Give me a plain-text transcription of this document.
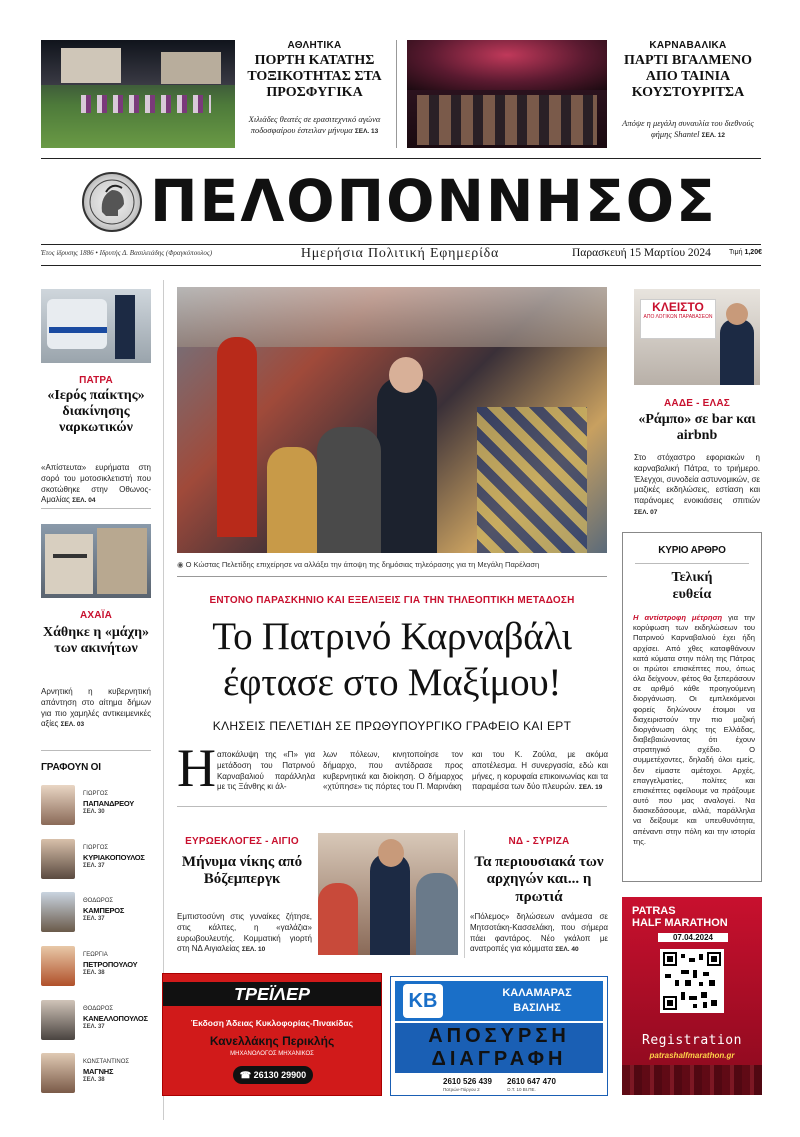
ΑΘΛΗΤΙΚΑ
ΠΟΡΤΗ ΚΑΤΑΤΗΣ ΤΟΞΙΚΟΤΗΤΑΣ ΣΤΑ ΠΡΟΣΦΥΓΙΚΑ
Χιλιάδες θεατές σε ερασιτεχνικό αγώνα ποδοσφαίρου έστειλαν μήνυμα ΣΕΛ. 13
ΚΑΡΝΑΒΑΛΙΚΑ
ΠΑΡΤΙ ΒΓΑΛΜΕΝΟ ΑΠΟ ΤΑΙΝΙΑ ΚΟΥΣΤΟΥΡΙΤΣΑ
Απόψε η μεγάλη συναυλία του διεθνούς φήμης Shantel ΣΕΛ. 12
ΠΕΛΟΠΟΝΝΗΣΟΣ
Έτος ίδρυσης 1886 • Ιδρυτής Δ. Βασιλειάδης (Φραγκόπουλος)	Ημερήσια Πολιτική Εφημερίδα	Παρασκευή 15 Μαρτίου 2024	Τιμή 1,20€
ΠΑΤΡΑ
«Ιερός παίκτης» διακίνησης ναρκωτικών
«Απίστευτα» ευρήματα στη σορό του μοτοσικλετιστή που σκοτώθηκε στην Οθωνος-Αμαλίας ΣΕΛ. 04
ΑΧΑΪΑ
Χάθηκε η «μάχη» των ακινήτων
Αρνητική η κυβερνητική απάντηση στο αίτημα δήμων για πιο χαμηλές αντικειμενικές αξίες ΣΕΛ. 03
ΓΡΑΦΟΥΝ ΟΙ
ΓΙΩΡΓΟΣ
ΠΑΠΑΝΔΡΕΟΥ
ΣΕΛ. 30
ΓΙΩΡΓΟΣ
ΚΥΡΙΑΚΟΠΟΥΛΟΣ
ΣΕΛ. 37
ΘΟΔΩΡΟΣ
ΚΑΜΠΕΡΟΣ
ΣΕΛ. 37
ΓΕΩΡΓΙΑ
ΠΕΤΡΟΠΟΥΛΟΥ
ΣΕΛ. 38
ΘΟΔΩΡΟΣ
ΚΑΝΕΛΛΟΠΟΥΛΟΣ
ΣΕΛ. 37
ΚΩΝΣΤΑΝΤΙΝΟΣ
ΜΑΓΝΗΣ
ΣΕΛ. 38
◉ Ο Κώστας Πελετίδης επιχείρησε να αλλάξει την άποψη της δημόσιας τηλεόρασης για τη Μεγάλη Παρέλαση
ΕΝΤΟΝΟ ΠΑΡΑΣΚΗΝΙΟ ΚΑΙ ΕΞΕΛΙΞΕΙΣ ΓΙΑ ΤΗΝ ΤΗΛΕΟΠΤΙΚΗ ΜΕΤΑΔΟΣΗ
Το Πατρινό Καρναβάλι
έφτασε στο Μαξίμου!
ΚΛΗΣΕΙΣ ΠΕΛΕΤΙΔΗ ΣΕ ΠΡΩΘΥΠΟΥΡΓΙΚΟ ΓΡΑΦΕΙΟ ΚΑΙ ΕΡΤ
Η αποκάλυψη της «Π» για μετάδοση του Πατρινού Καρναβαλιού παράλληλα με τις Ξάνθης κι άλ-
λων πόλεων, κινητοποίησε τον δήμαρχο, που αντέδρασε προς κυβερνητικά και διοίκηση. Ο δήμαρχος «χτύπησε» τις πόρτες του Π. Μαρινάκη
και του Κ. Ζούλα, με ακόμα αποτέλεσμα. Η συνεργασία, εδώ και μήνες, η κορυφαία επικοινωνίας και τα παραμέσα των δύο πλευρών. ΣΕΛ. 19
ΕΥΡΩΕΚΛΟΓΕΣ - ΑΙΓΙΟ
Μήνυμα νίκης από Βόζεμπεργκ
Εμπιστοσύνη στις γυναίκες ζήτησε, στις κάλπες, η «γαλάζια» ευρωβουλευτής. Κομματική γιορτή στη ΝΔ Αιγιαλείας ΣΕΛ. 10
ΝΔ - ΣΥΡΙΖΑ
Τα περιουσιακά των αρχηγών και... η πρωτιά
«Πόλεμος» δηλώσεων ανάμεσα σε Μητσοτάκη-Κασσελάκη, που σήμερα πάει φαντάρος. Νέο γκάλοπ με ανατροπές για κόμματα ΣΕΛ. 40
ΤΡΕΪΛΕΡ
Έκδοση Άδειας Κυκλοφορίας-Πινακίδας
Κανελλάκης Περικλής
ΜΗΧΑΝΟΛΟΓΟΣ ΜΗΧΑΝΙΚΟΣ
☎ 26130 29900
KB	ΚΑΛΑΜΑΡΑΣ
ΒΑΣΙΛΗΣ
ΑΠΟΣΥΡΣΗ
ΔΙΑΓΡΑΦΗ
2610 526 439	2610 647 470
Πατρών-Πύργου 2	Ο.Τ. 10 ΒΙ.ΠΕ.
ΚΛΕΙΣΤΟ
ΑΠΟ ΛΟΓΙΚΩΝ ΠΑΡΑΒΑΣΕΩΝ
ΑΑΔΕ - ΕΛΑΣ
«Ράμπο» σε bar και airbnb
Στο στόχαστρο εφοριακών η καρναβαλική Πάτρα, το τριήμερο. Έλεγχοι, συνοδεία αστυνομικών, σε μαζικές εκδηλώσεις, εστίαση και παράνομες ενοικιάσεις σπιτιών ΣΕΛ. 07
ΚΥΡΙΟ ΑΡΘΡΟ
Τελική ευθεία
Η αντίστροφη μέτρηση για την κορύφωση των εκδηλώσεων του Πατρινού Καρναβαλιού έχει ήδη αρχίσει. Από χθες καταφθάνουν κατά κύματα στην πόλη της Πάτρας οι πρώτοι επισκέπτες που, όπως όλα δείχνουν, φέτος θα ξεπεράσουν σε αριθμό κάθε προηγούμενη διοργάνωση. Οι εμπλεκόμενοι φορείς δηλώνουν έτοιμοι να διαχειριστούν την πιο μαζική διοργάνωση όλης της Ελλάδας, διαβεβαιώνοντας ότι έχουν στρατηγικό σχέδιο. Ο συμμετέχοντες, δηλαδή όλοι εμείς, δεν είμαστε αμέτοχοι. Αρχές, επαγγελματίες, πολίτες και επισκέπτες οφείλουμε να πράξουμε αυτό που μας αναλογεί. Να διασκεδάσουμε, αλλά, παράλληλα να δείξουμε και υπευθυνότητα, απέναντι στην πόλη και την ιστορία της.
PATRAS
HALF MARATHON
07.04.2024
Registration
patrashalfmarathon.gr
